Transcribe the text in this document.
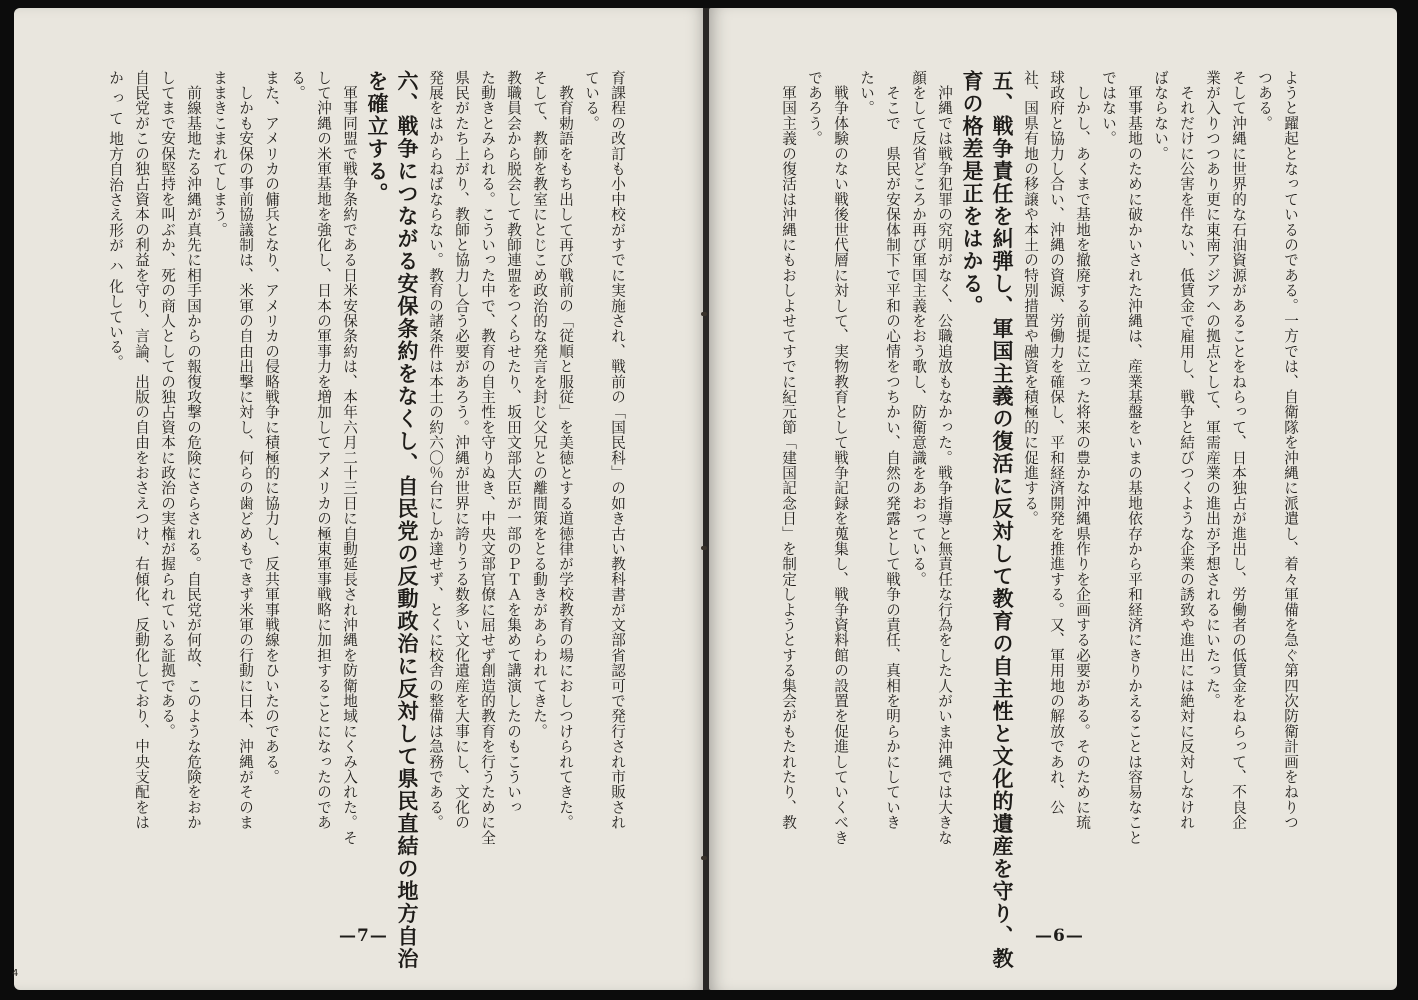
育課程の改訂も小中校がすでに実施され、戦前の「国民科」の如き古い教科書が文部省認可で発行され市販され
ている。
　教育勅語をもち出して再び戦前の「従順と服従」を美徳とする道徳律が学校教育の場におしつけられてきた。
そして、教師を教室にとじこめ政治的な発言を封じ父兄との離間策をとる動きがあらわれてきた。
教職員会から脱会して教師連盟をつくらせたり、坂田文部大臣が一部のＰＴＡを集めて講演したのもこういっ
た動きとみられる。こういった中で、教育の自主性を守りぬき、中央文部官僚に屈せず創造的教育を行うために全
県民がたち上がり、教師と協力し合う必要があろう。沖縄が世界に誇りうる数多い文化遺産を大事にし、文化の
発展をはからねばならない。教育の諸条件は本土の約六〇％台にしか達せず、とくに校舎の整備は急務である。
六、戦争につながる安保条約をなくし、自民党の反動政治に反対して県民直結の地方自治
を確立する。
　軍事同盟で戦争条約である日米安保条約は、本年六月二十三日に自動延長され沖縄を防衛地域にくみ入れた。そ
して沖縄の米軍基地を強化し、日本の軍事力を増加してアメリカの極東軍事戦略に加担することになったのであ
る。
また、アメリカの傭兵となり、アメリカの侵略戦争に積極的に協力し、反共軍事戦線をひいたのである。
　しかも安保の事前協議制は、米軍の自由出撃に対し、何らの歯どめもできず米軍の行動に日本、沖縄がそのま
ままきこまれてしまう。
　前線基地たる沖縄が真先に相手国からの報復攻撃の危険にさらされる。自民党が何故、このような危険をおか
してまで安保堅持を叫ぶか、死の商人としての独占資本に政治の実権が握られている証拠である。
自民党がこの独占資本の利益を守り、言論、出版の自由をおさえつけ、右傾化、反動化しており、中央支配をは
か っ て 地方自治さえ形が ハ 化している。
—7—
ようと躍起となっているのである。一方では、自衛隊を沖縄に派遣し、着々軍備を急ぐ第四次防衛計画をねりつ
つある。
そして沖縄に世界的な石油資源があることをねらって、日本独占が進出し、労働者の低賃金をねらって、不良企
業が入りつつあり更に東南アジアへの拠点として、軍需産業の進出が予想されるにいたった。
　それだけに公害を伴ない、低賃金で雇用し、戦争と結びつくような企業の誘致や進出には絶対に反対しなけれ
ばならない。
　軍事基地のために破かいされた沖縄は、産業基盤をいまの基地依存から平和経済にきりかえることは容易なこと
ではない。
　しかし、あくまで基地を撤廃する前提に立った将来の豊かな沖縄県作りを企画する必要がある。そのために琉
球政府と協力し合い、沖縄の資源、労働力を確保し、平和経済開発を推進する。又、軍用地の解放であれ、公
社、国県有地の移譲や本土の特別措置や融資を積極的に促進する。
五、戦争責任を糾弾し、軍国主義の復活に反対して教育の自主性と文化的遺産を守り、教
育の格差是正をはかる。
　沖縄では戦争犯罪の究明がなく、公職追放もなかった。戦争指導と無責任な行為をした人がいま沖縄では大きな
顔をして反省どころか再び軍国主義をおう歌し、防衛意識をあおっている。
　そこで　県民が安保体制下で平和の心情をつちかい、自然の発露として戦争の責任、真相を明らかにしていき
たい。
　戦争体験のない戦後世代層に対して、実物教育として戦争記録を蒐集し、戦争資料館の設置を促進していくべき
であろう。
　軍国主義の復活は沖縄にもおしよせてすでに紀元節「建国記念日」を制定しようとする集会がもたれたり、教
—6—
4
